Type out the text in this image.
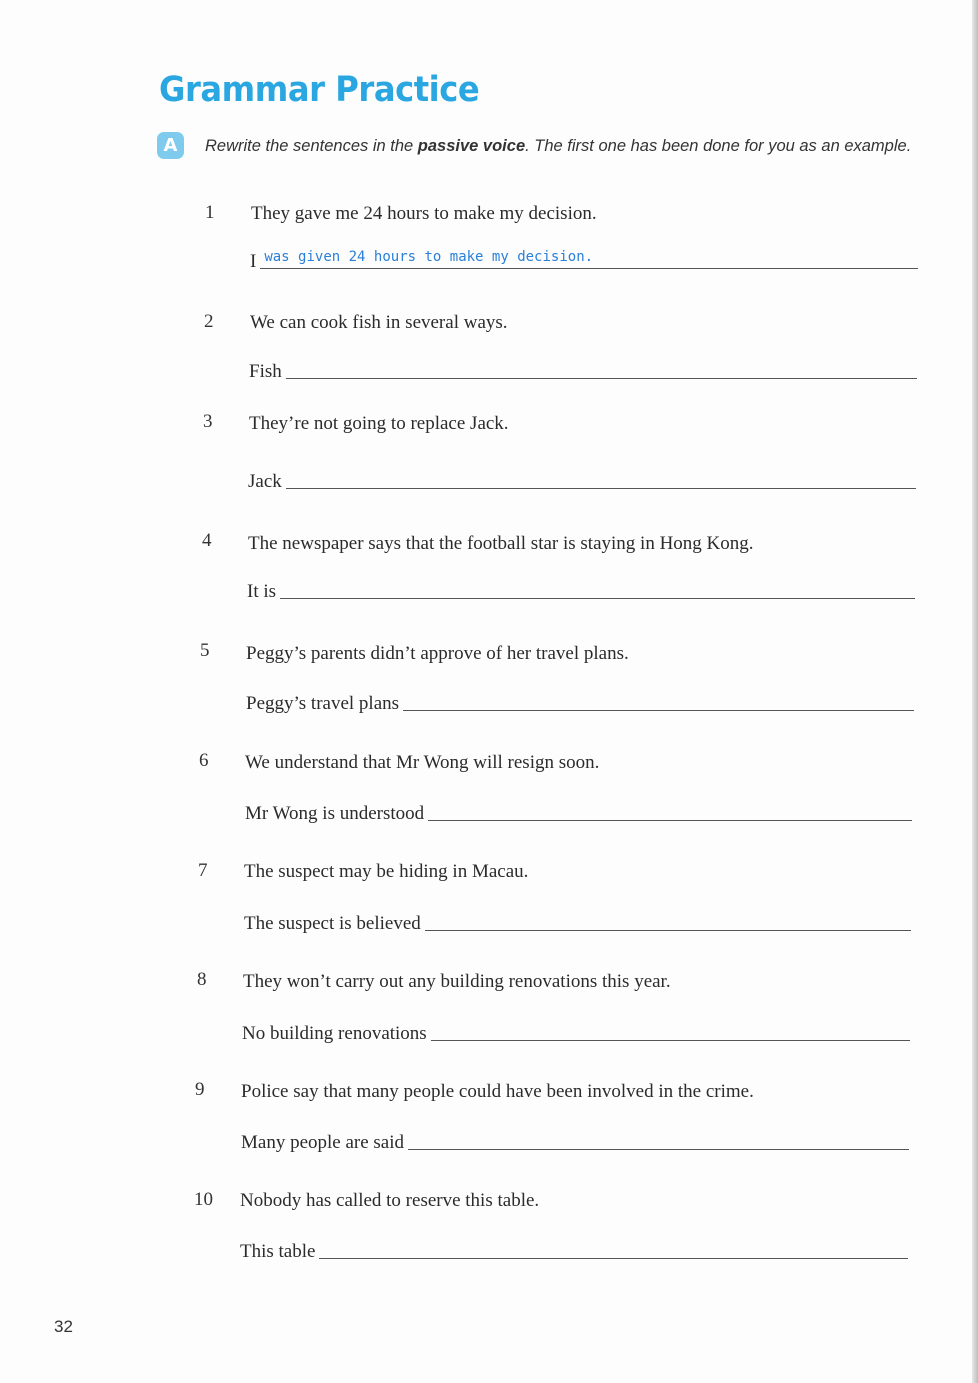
Grammar Practice
A	Rewrite the sentences in the passive voice. The first one has been done for you as an example.
1 They gave me 24 hours to make my decision.
I was given 24 hours to make my decision.
2 We can cook fish in several ways.
Fish
3 They’re not going to replace Jack.
Jack
4 The newspaper says that the football star is staying in Hong Kong.
It is
5 Peggy’s parents didn’t approve of her travel plans.
Peggy’s travel plans
6 We understand that Mr Wong will resign soon.
Mr Wong is understood
7 The suspect may be hiding in Macau.
The suspect is believed
8 They won’t carry out any building renovations this year.
No building renovations
9 Police say that many people could have been involved in the crime.
Many people are said
10 Nobody has called to reserve this table.
This table
32
